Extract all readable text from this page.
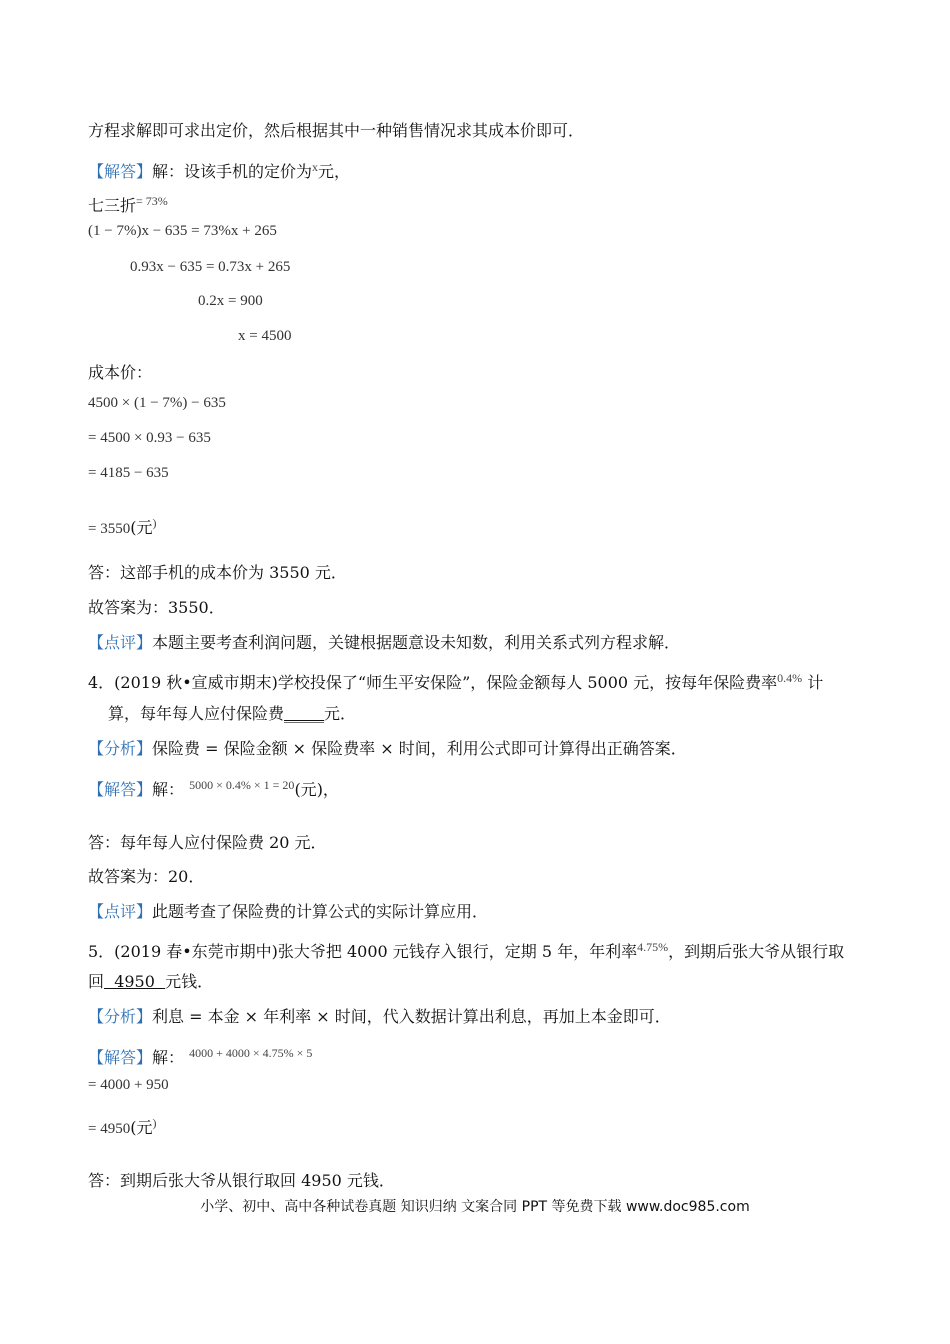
方程求解即可求出定价，然后根据其中一种销售情况求其成本价即可．
【解答】解：设该手机的定价为$^x$元，
七三折$^{= 73\%}$
(1 − 7%)x − 635 = 73%x + 265
0.93x − 635 = 0.73x + 265
0.2x = 900
x = 4500
成本价：
4500 × (1 − 7%) − 635
= 4500 × 0.93 − 635
= 4185 − 635
= 3550(元)
答：这部手机的成本价为 3550 元．
故答案为：3550．
【点评】本题主要考查利润问题，关键根据题意设未知数，利用关系式列方程求解．
4．(2019 秋•宣威市期末)学校投保了“师生平安保险”，保险金额每人 5000 元，按每年保险费率$^{0.4\%}$ 计
算，每年每人应付保险费_____元．
【分析】保险费 = 保险金额 × 保险费率 × 时间，利用公式即可计算得出正确答案．
【解答】解： $^{5000 \times 0.4\% \times 1 = 20}$(元)，
答：每年每人应付保险费 20 元．
故答案为：20．
【点评】此题考查了保险费的计算公式的实际计算应用．
5．(2019 春•东莞市期中)张大爷把 4000 元钱存入银行，定期 5 年，年利率$^{4.75\%}$，到期后张大爷从银行取
回  4950  元钱．
【分析】利息 = 本金 × 年利率 × 时间，代入数据计算出利息，再加上本金即可．
【解答】解： $^{4000 + 4000 \times 4.75\% \times 5}$
= 4000 + 950
= 4950(元)
答：到期后张大爷从银行取回 4950 元钱．
小学、初中、高中各种试卷真题 知识归纳 文案合同 PPT 等免费下载 www.doc985.com
